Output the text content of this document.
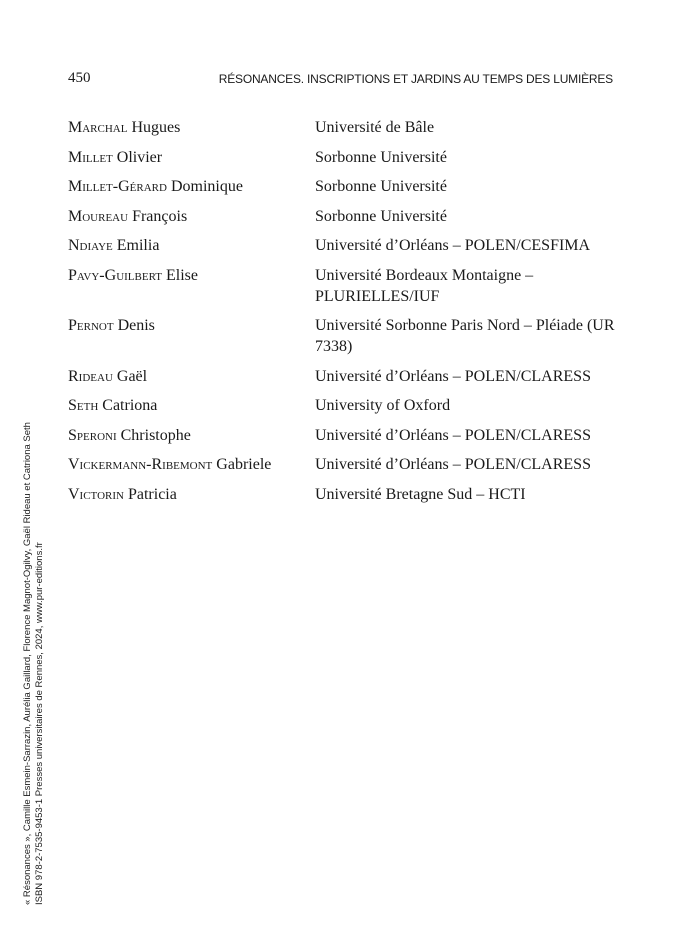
450	RÉSONANCES. INSCRIPTIONS ET JARDINS AU TEMPS DES LUMIÈRES
Marchal Hugues	Université de Bâle
Millet Olivier	Sorbonne Université
Millet-Gérard Dominique	Sorbonne Université
Moureau François	Sorbonne Université
Ndiaye Emilia	Université d’Orléans – POLEN/CESFIMA
Pavy-Guilbert Elise	Université Bordeaux Montaigne – PLURIELLES/IUF
Pernot Denis	Université Sorbonne Paris Nord – Pléiade (UR 7338)
Rideau Gaël	Université d’Orléans – POLEN/CLARESS
Seth Catriona	University of Oxford
Speroni Christophe	Université d’Orléans – POLEN/CLARESS
Vickermann-Ribemont Gabriele	Université d’Orléans – POLEN/CLARESS
Victorin Patricia	Université Bretagne Sud – HCTI
« Résonances », Camille Esmein-Sarrazin, Aurélia Gaillard, Florence Magnot-Ogilvy, Gaël Rideau et Catriona Seth ISBN 978-2-7535-9453-1 Presses universitaires de Rennes, 2024, www.pur-editions.fr
